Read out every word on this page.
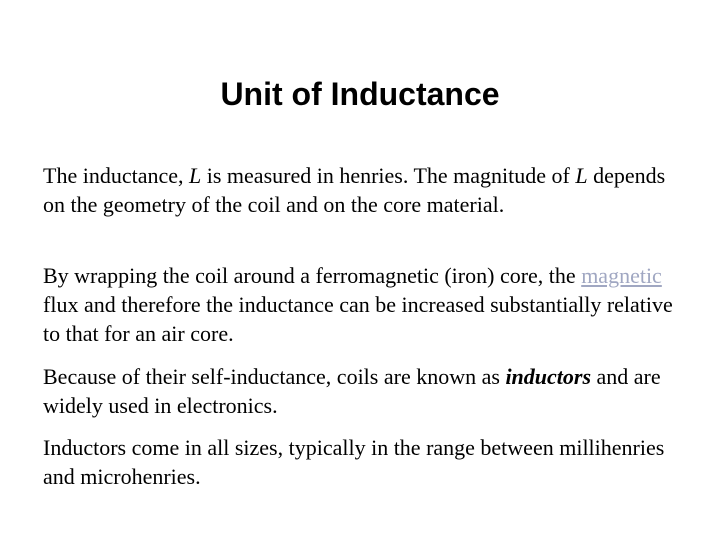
Unit of Inductance

The inductance, L is measured in henries. The magnitude of L depends on the geometry of the coil and on the core material.

By wrapping the coil around a ferromagnetic (iron) core, the magnetic flux and therefore the inductance can be increased substantially relative to that for an air core.

Because of their self-inductance, coils are known as inductors and are widely used in electronics.

Inductors come in all sizes, typically in the range between millihenries and microhenries.
